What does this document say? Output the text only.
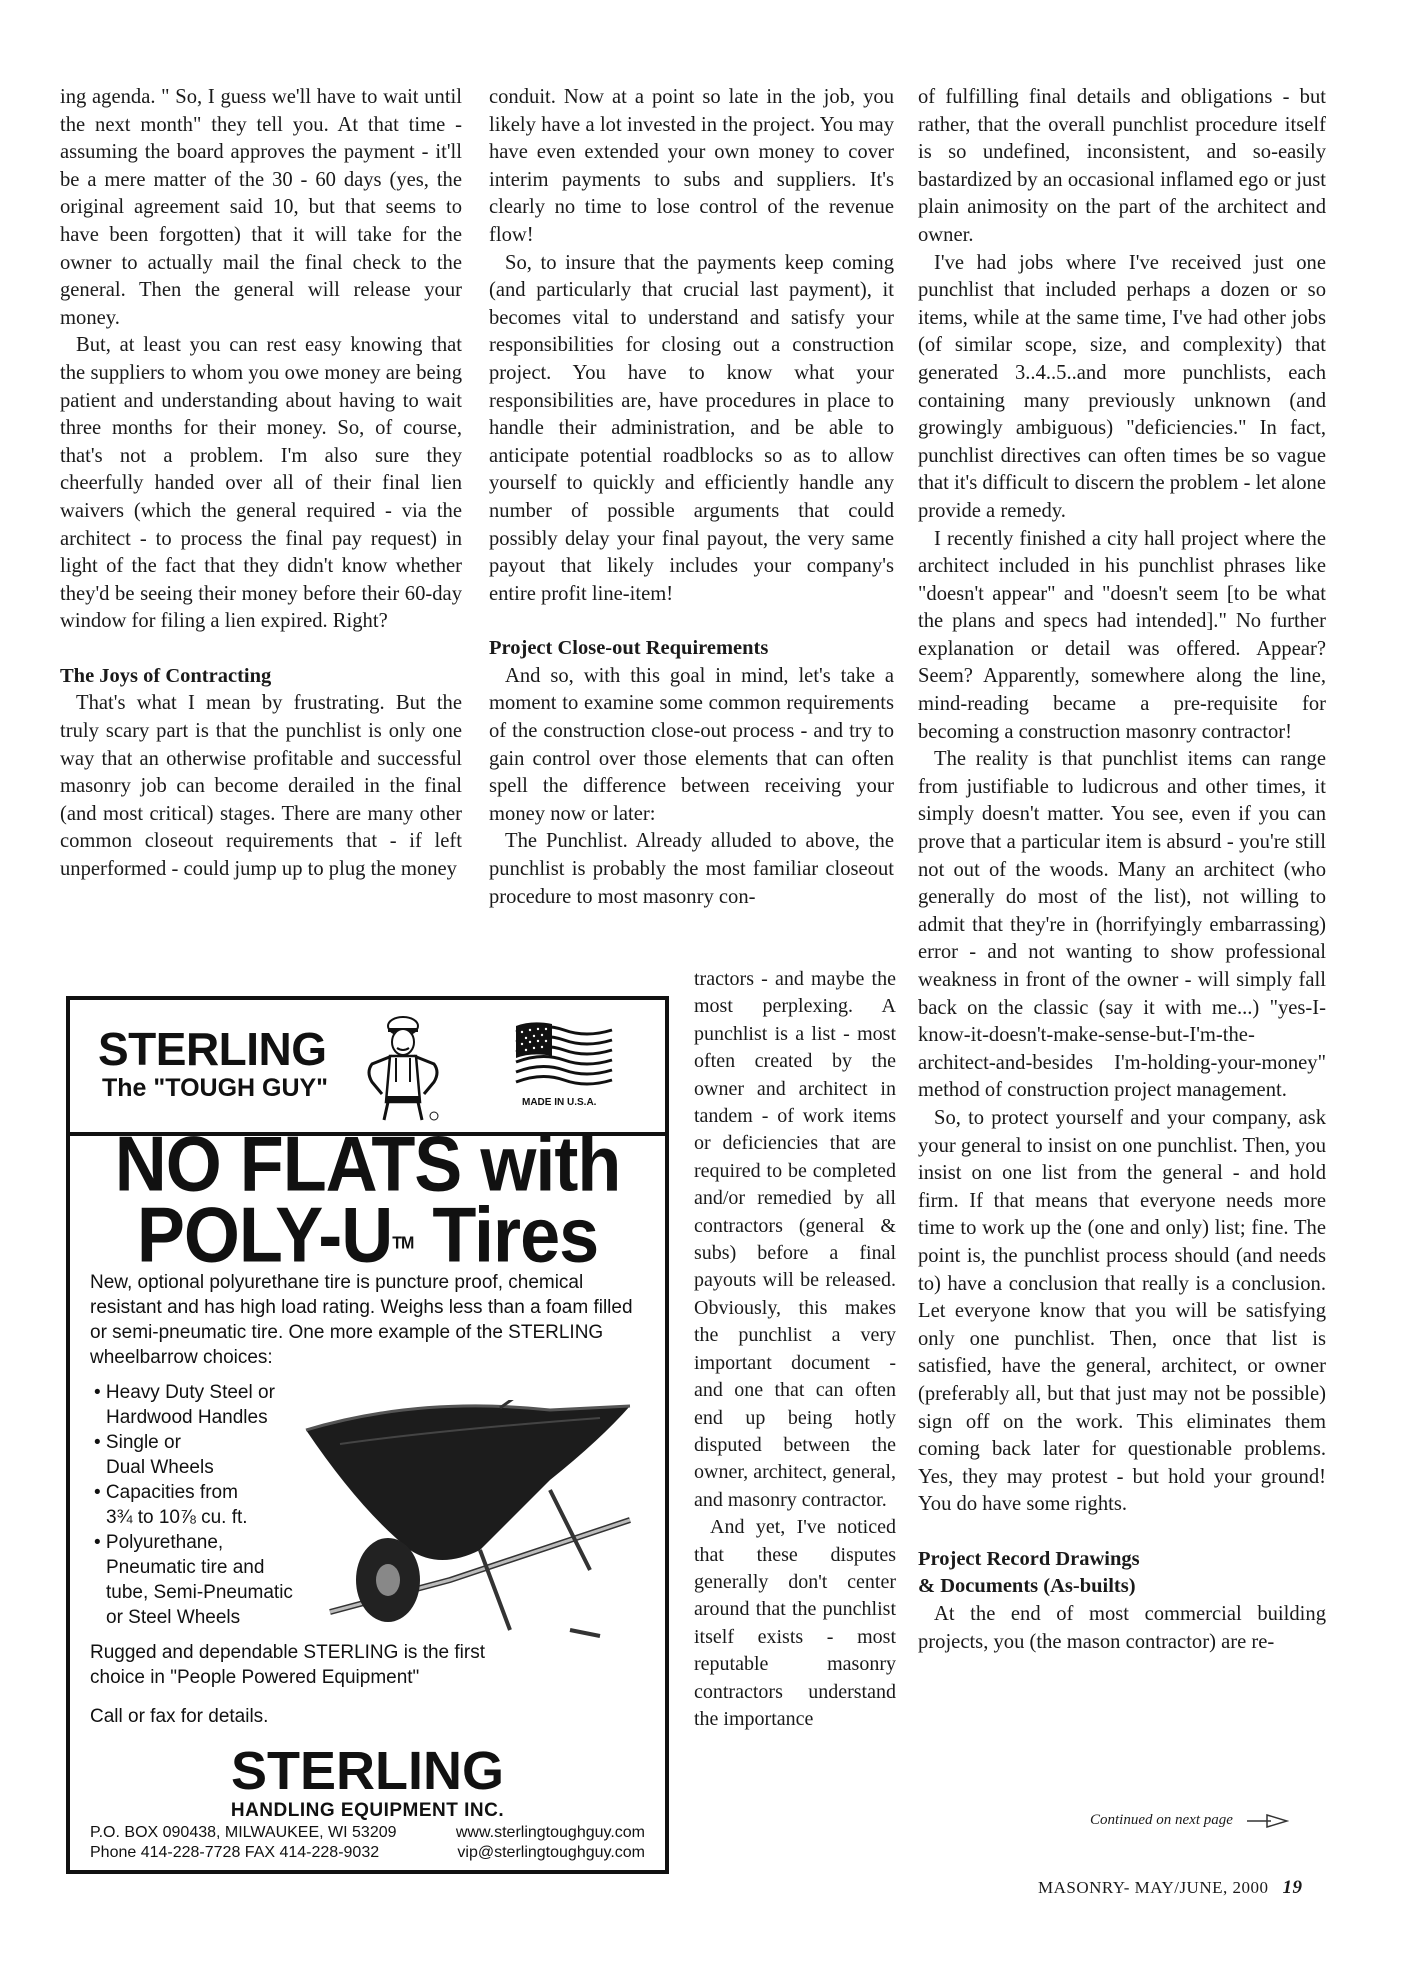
ing agenda. " So, I guess we'll have to wait until the next month" they tell you. At that time - assuming the board approves the payment - it'll be a mere matter of the 30 - 60 days (yes, the original agreement said 10, but that seems to have been forgotten) that it will take for the owner to actually mail the final check to the general. Then the general will release your money.

But, at least you can rest easy knowing that the suppliers to whom you owe money are being patient and understanding about having to wait three months for their money. So, of course, that's not a problem. I'm also sure they cheerfully handed over all of their final lien waivers (which the general required - via the architect - to process the final pay request) in light of the fact that they didn't know whether they'd be seeing their money before their 60-day window for filing a lien expired. Right?

The Joys of Contracting

That's what I mean by frustrating. But the truly scary part is that the punchlist is only one way that an otherwise profitable and successful masonry job can become derailed in the final (and most critical) stages. There are many other common closeout requirements that - if left unperformed - could jump up to plug the money

conduit. Now at a point so late in the job, you likely have a lot invested in the project. You may have even extended your own money to cover interim payments to subs and suppliers. It's clearly no time to lose control of the revenue flow!

So, to insure that the payments keep coming (and particularly that crucial last payment), it becomes vital to understand and satisfy your responsibilities for closing out a construction project. You have to know what your responsibilities are, have procedures in place to handle their administration, and be able to anticipate potential roadblocks so as to allow yourself to quickly and efficiently handle any number of possible arguments that could possibly delay your final payout, the very same payout that likely includes your company's entire profit line-item!

Project Close-out Requirements

And so, with this goal in mind, let's take a moment to examine some common requirements of the construction close-out process - and try to gain control over those elements that can often spell the difference between receiving your money now or later:

The Punchlist. Already alluded to above, the punchlist is probably the most familiar closeout procedure to most masonry con-

tractors - and maybe the most perplexing. A punchlist is a list - most often created by the owner and architect in tandem - of work items or deficiencies that are required to be completed and/or remedied by all contractors (general & subs) before a final payouts will be released. Obviously, this makes the punchlist a very important document - and one that can often end up being hotly disputed between the owner, architect, general, and masonry contractor.

And yet, I've noticed that these disputes generally don't center around that the punchlist itself exists - most reputable masonry contractors understand the importance

of fulfilling final details and obligations - but rather, that the overall punchlist procedure itself is so undefined, inconsistent, and so-easily bastardized by an occasional inflamed ego or just plain animosity on the part of the architect and owner.

I've had jobs where I've received just one punchlist that included perhaps a dozen or so items, while at the same time, I've had other jobs (of similar scope, size, and complexity) that generated 3..4..5..and more punchlists, each containing many previously unknown (and growingly ambiguous) "deficiencies." In fact, punchlist directives can often times be so vague that it's difficult to discern the problem - let alone provide a remedy.

I recently finished a city hall project where the architect included in his punchlist phrases like "doesn't appear" and "doesn't seem [to be what the plans and specs had intended]." No further explanation or detail was offered. Appear? Seem? Apparently, somewhere along the line, mind-reading became a pre-requisite for becoming a construction masonry contractor!

The reality is that punchlist items can range from justifiable to ludicrous and other times, it simply doesn't matter. You see, even if you can prove that a particular item is absurd - you're still not out of the woods. Many an architect (who generally do most of the list), not willing to admit that they're in (horrifyingly embarrassing) error - and not wanting to show professional weakness in front of the owner - will simply fall back on the classic (say it with me...) "yes-I-know-it-doesn't-make-sense-but-I'm-the-architect-and-besides I'm-holding-your-money" method of construction project management.

So, to protect yourself and your company, ask your general to insist on one punchlist. Then, you insist on one list from the general - and hold firm. If that means that everyone needs more time to work up the (one and only) list; fine. The point is, the punchlist process should (and needs to) have a conclusion that really is a conclusion. Let everyone know that you will be satisfying only one punchlist. Then, once that list is satisfied, have the general, architect, or owner (preferably all, but that just may not be possible) sign off on the work. This eliminates them coming back later for questionable problems. Yes, they may protest - but hold your ground! You do have some rights.

Project Record Drawings
& Documents (As-builts)

At the end of most commercial building projects, you (the mason contractor) are re-

Continued on next page
MASONRY- MAY/JUNE, 2000 19
STERLING
The "TOUGH GUY"
MADE IN U.S.A.
NO FLATS with
POLY-U™ Tires
New, optional polyurethane tire is puncture proof, chemical resistant and has high load rating. Weighs less than a foam filled or semi-pneumatic tire. One more example of the STERLING wheelbarrow choices:
• Heavy Duty Steel or
Hardwood Handles
• Single or
Dual Wheels
• Capacities from
3¾ to 10⅞ cu. ft.
• Polyurethane,
Pneumatic tire and
tube, Semi-Pneumatic
or Steel Wheels
Rugged and dependable STERLING is the first choice in "People Powered Equipment"
Call or fax for details.
STERLING
HANDLING EQUIPMENT INC.
P.O. BOX 090438, MILWAUKEE, WI 53209
Phone 414-228-7728 FAX 414-228-9032
www.sterlingtoughguy.com
vip@sterlingtoughguy.com
